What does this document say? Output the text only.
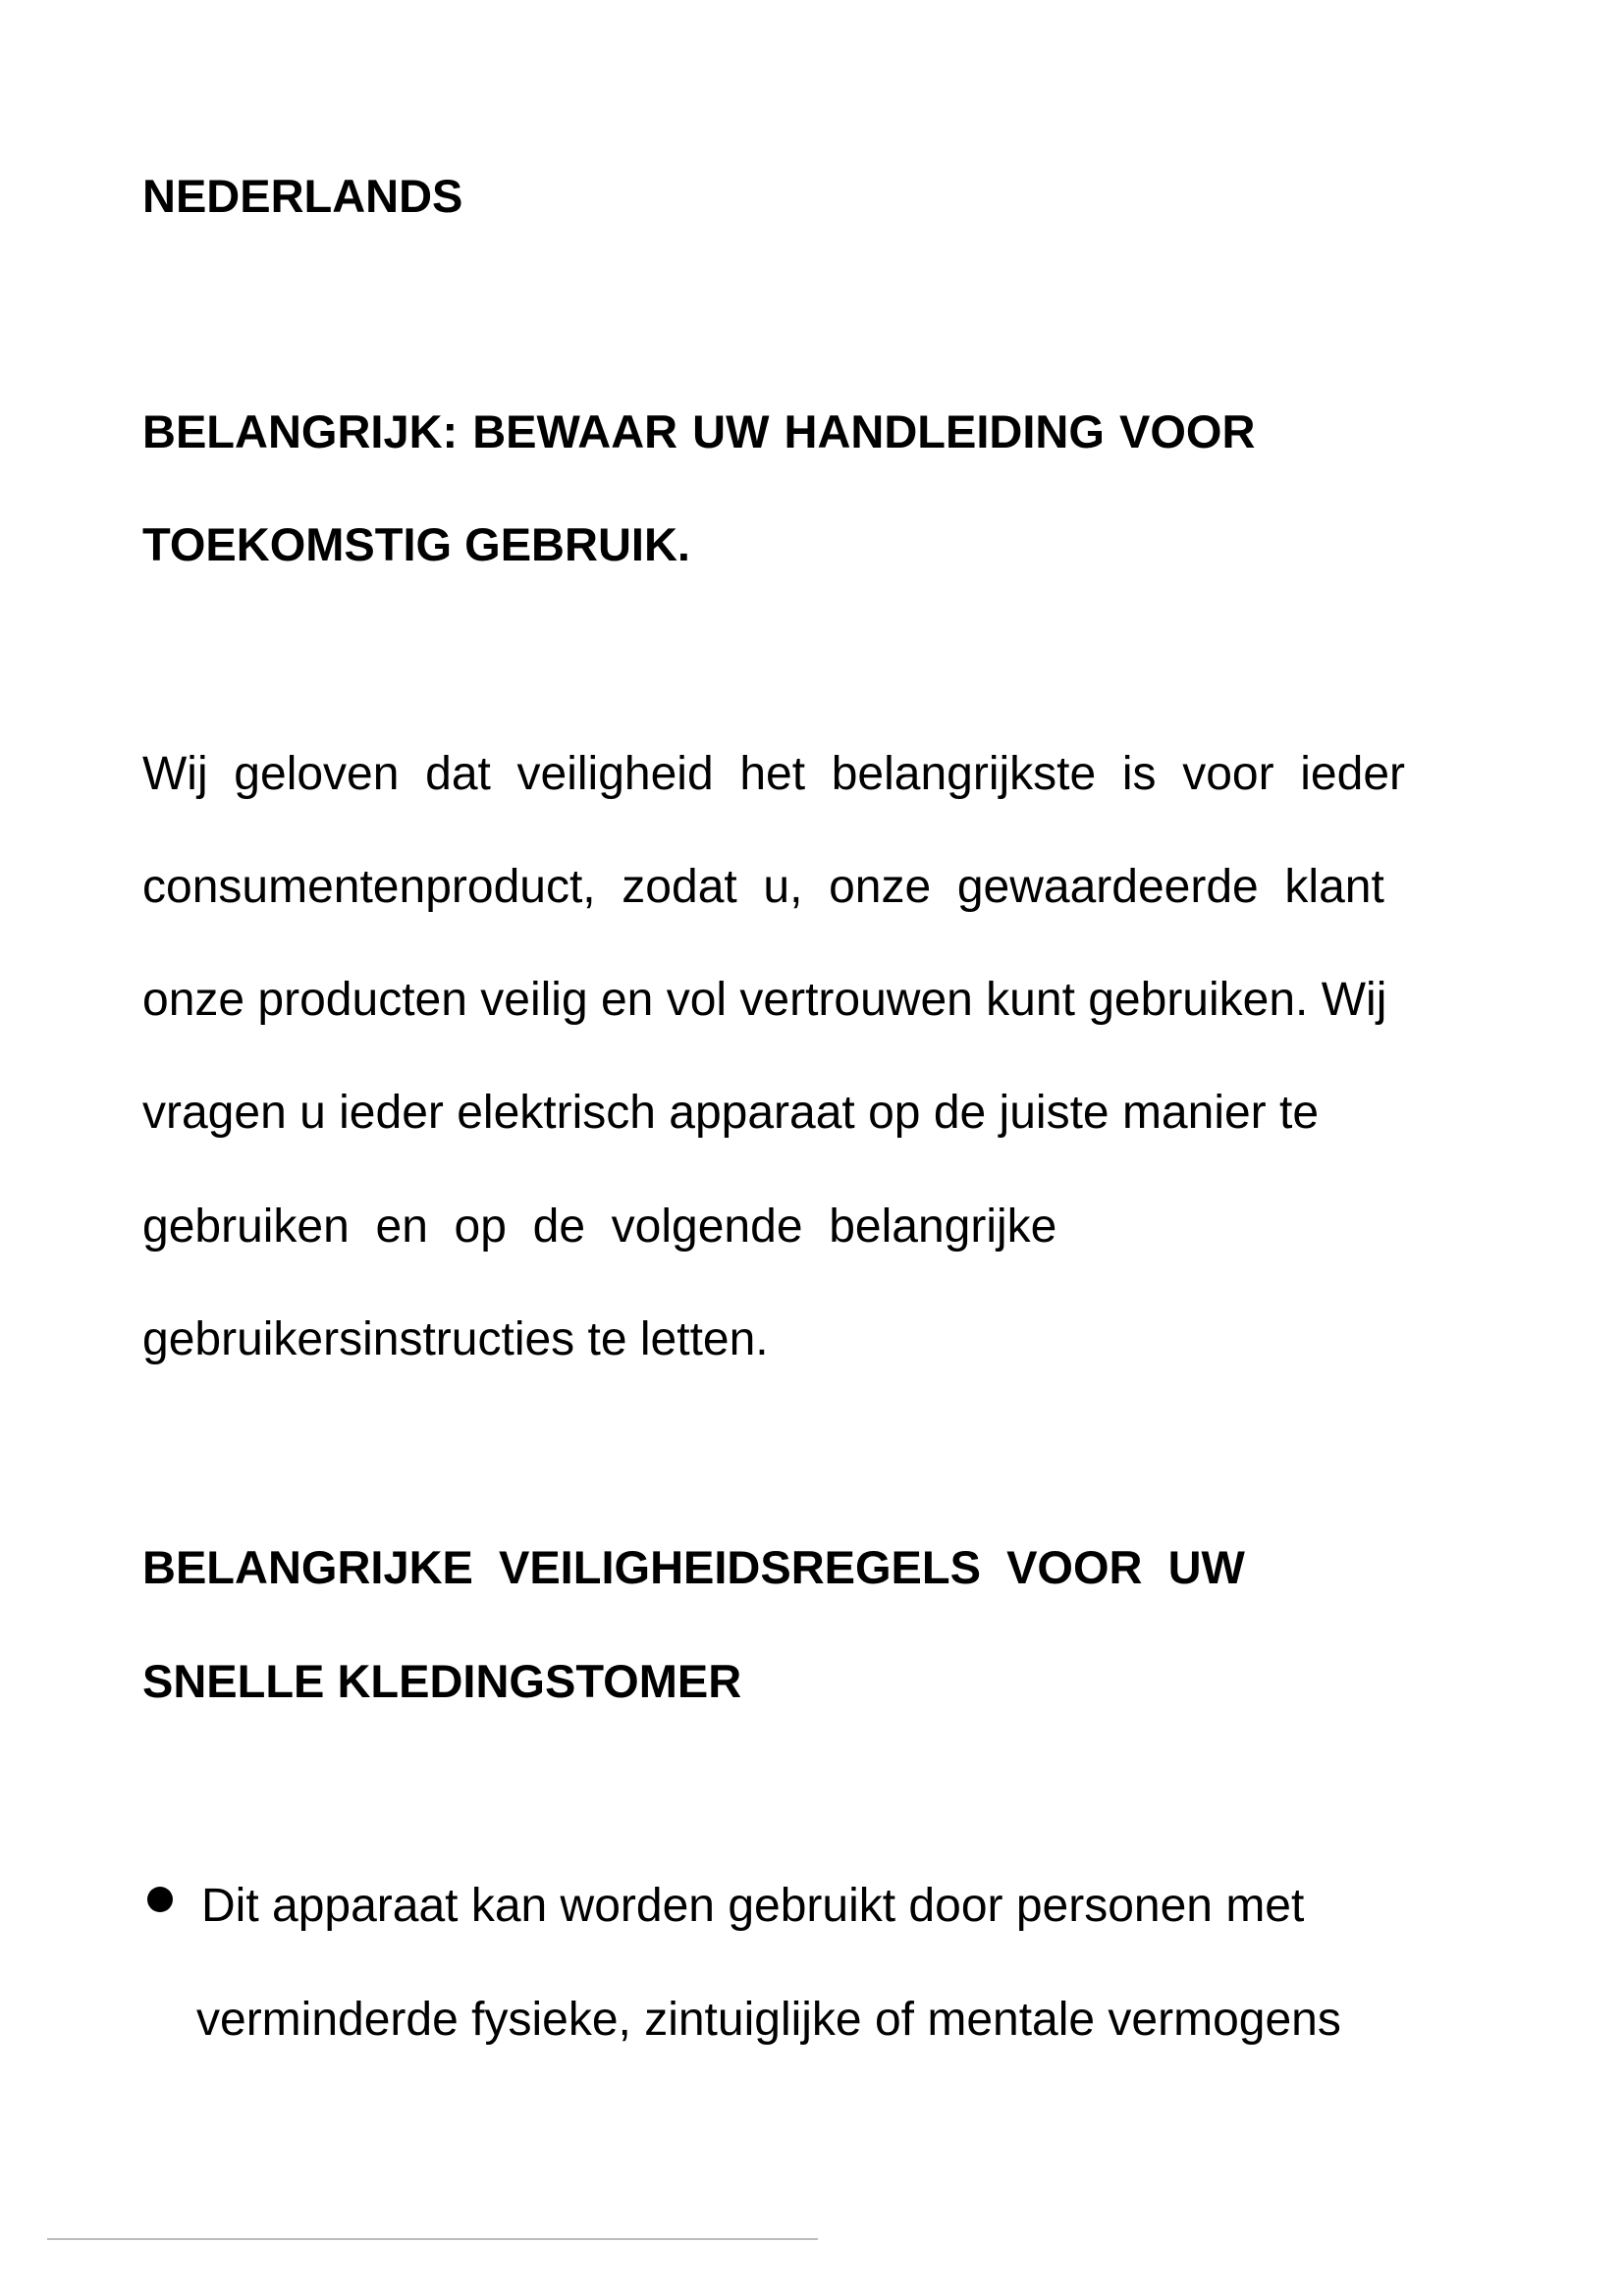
NEDERLANDS
BELANGRIJK: BEWAAR UW HANDLEIDING VOOR
TOEKOMSTIG GEBRUIK.
Wij  geloven  dat  veiligheid  het  belangrijkste  is  voor  ieder
consumentenproduct,  zodat  u,  onze  gewaardeerde  klant
onze producten veilig en vol vertrouwen kunt gebruiken. Wij
vragen u ieder elektrisch apparaat op de juiste manier te
gebruiken  en  op  de  volgende  belangrijke
gebruikersinstructies te letten.
BELANGRIJKE  VEILIGHEIDSREGELS  VOOR  UW
SNELLE KLEDINGSTOMER
Dit apparaat kan worden gebruikt door personen met
verminderde fysieke, zintuiglijke of mentale vermogens
